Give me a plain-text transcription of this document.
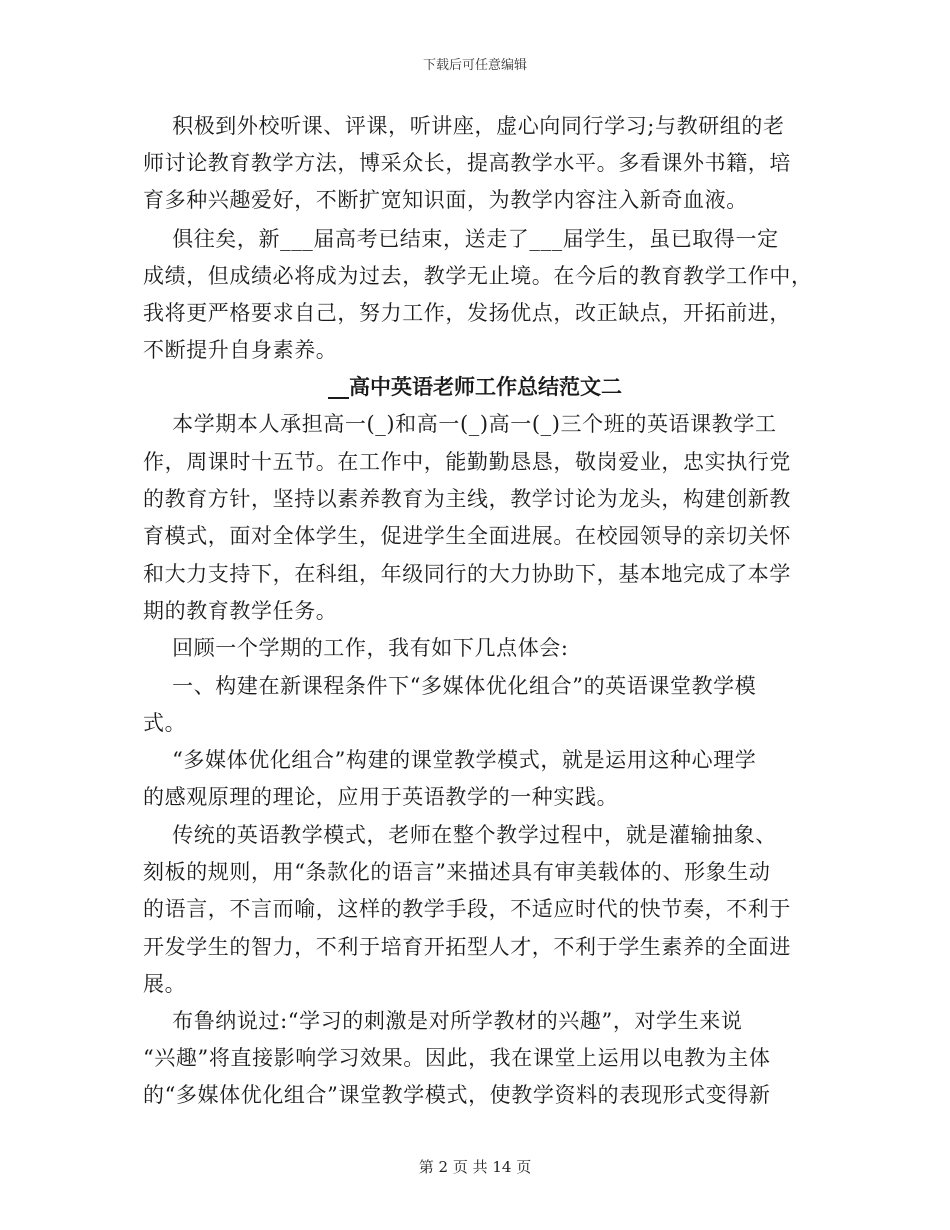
下载后可任意编辑
积极到外校听课、评课，听讲座，虚心向同行学习;与教研组的老
师讨论教育教学方法，博采众长，提高教学水平。多看课外书籍，培
育多种兴趣爱好，不断扩宽知识面，为教学内容注入新奇血液。
俱往矣，新___届高考已结束，送走了___届学生，虽已取得一定
成绩，但成绩必将成为过去，教学无止境。在今后的教育教学工作中，
我将更严格要求自己，努力工作，发扬优点，改正缺点，开拓前进，
不断提升自身素养。
__高中英语老师工作总结范文二
本学期本人承担高一(_)和高一(_)高一(_)三个班的英语课教学工
作，周课时十五节。在工作中，能勤勤恳恳，敬岗爱业，忠实执行党
的教育方针，坚持以素养教育为主线，教学讨论为龙头，构建创新教
育模式，面对全体学生，促进学生全面进展。在校园领导的亲切关怀
和大力支持下，在科组，年级同行的大力协助下，基本地完成了本学
期的教育教学任务。
回顾一个学期的工作，我有如下几点体会:
一、构建在新课程条件下“多媒体优化组合”的英语课堂教学模
式。
“多媒体优化组合”构建的课堂教学模式，就是运用这种心理学
的感观原理的理论，应用于英语教学的一种实践。
传统的英语教学模式，老师在整个教学过程中，就是灌输抽象、
刻板的规则，用“条款化的语言”来描述具有审美载体的、形象生动
的语言，不言而喻，这样的教学手段，不适应时代的快节奏，不利于
开发学生的智力，不利于培育开拓型人才，不利于学生素养的全面进
展。
布鲁纳说过:“学习的刺激是对所学教材的兴趣”，对学生来说
“兴趣”将直接影响学习效果。因此，我在课堂上运用以电教为主体
的“多媒体优化组合”课堂教学模式，使教学资料的表现形式变得新
第 2 页 共 14 页
